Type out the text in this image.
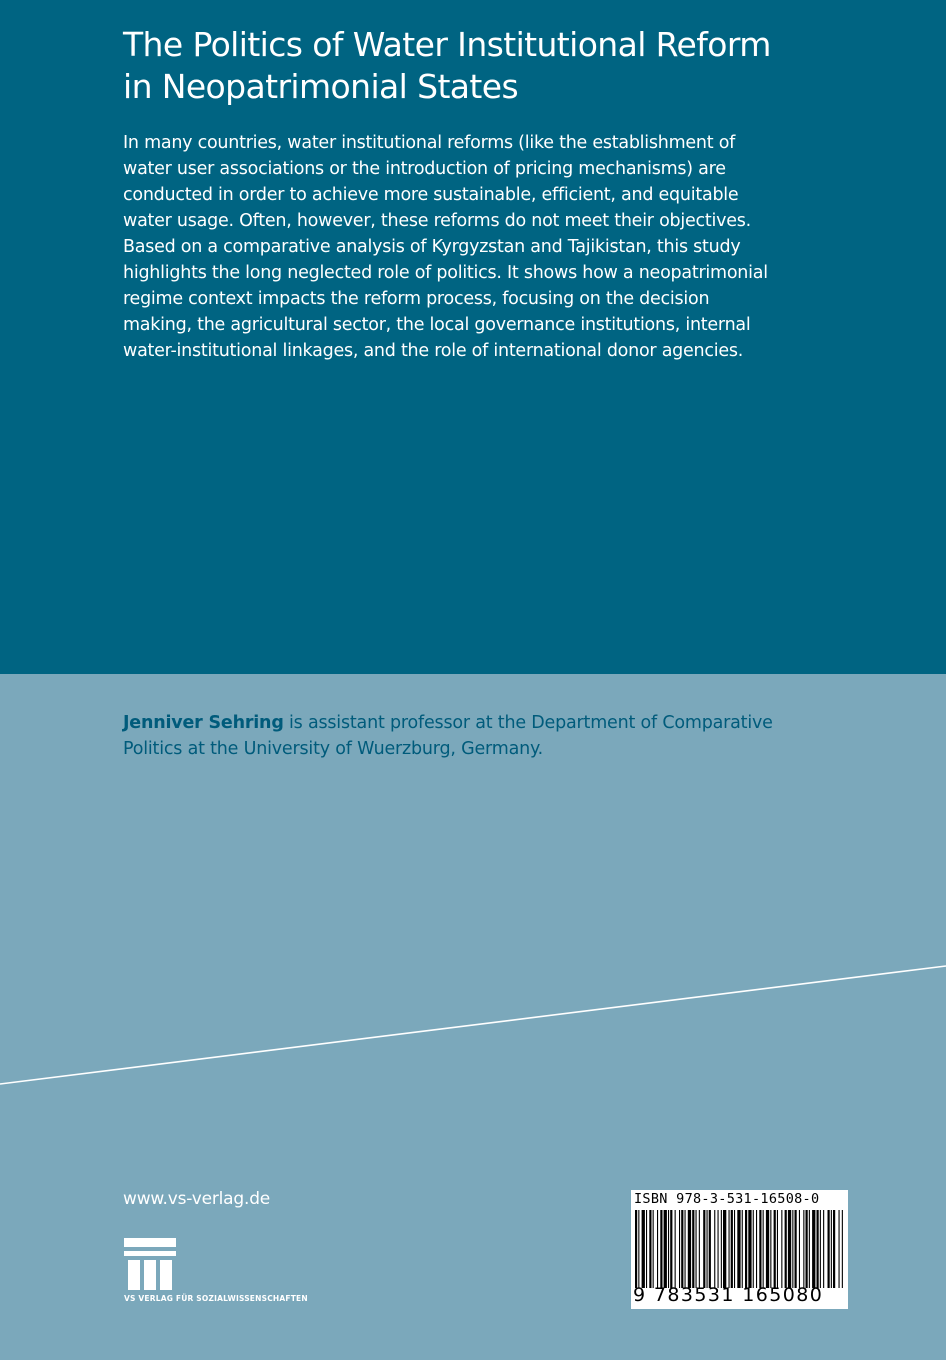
The Politics of Water Institutional Reform
in Neopatrimonial States
In many countries, water institutional reforms (like the establishment of
water user associations or the introduction of pricing mechanisms) are
conducted in order to achieve more sustainable, efficient, and equitable
water usage. Often, however, these reforms do not meet their objectives.
Based on a comparative analysis of Kyrgyzstan and Tajikistan, this study
highlights the long neglected role of politics. It shows how a neopatrimonial
regime context impacts the reform process, focusing on the decision
making, the agricultural sector, the local governance institutions, internal
water-institutional linkages, and the role of international donor agencies.
Jenniver Sehring is assistant professor at the Department of Comparative
Politics at the University of Wuerzburg, Germany.
www.vs-verlag.de
VS VERLAG FÜR SOZIALWISSENSCHAFTEN
ISBN 978-3-531-16508-0
9 783531 165080
